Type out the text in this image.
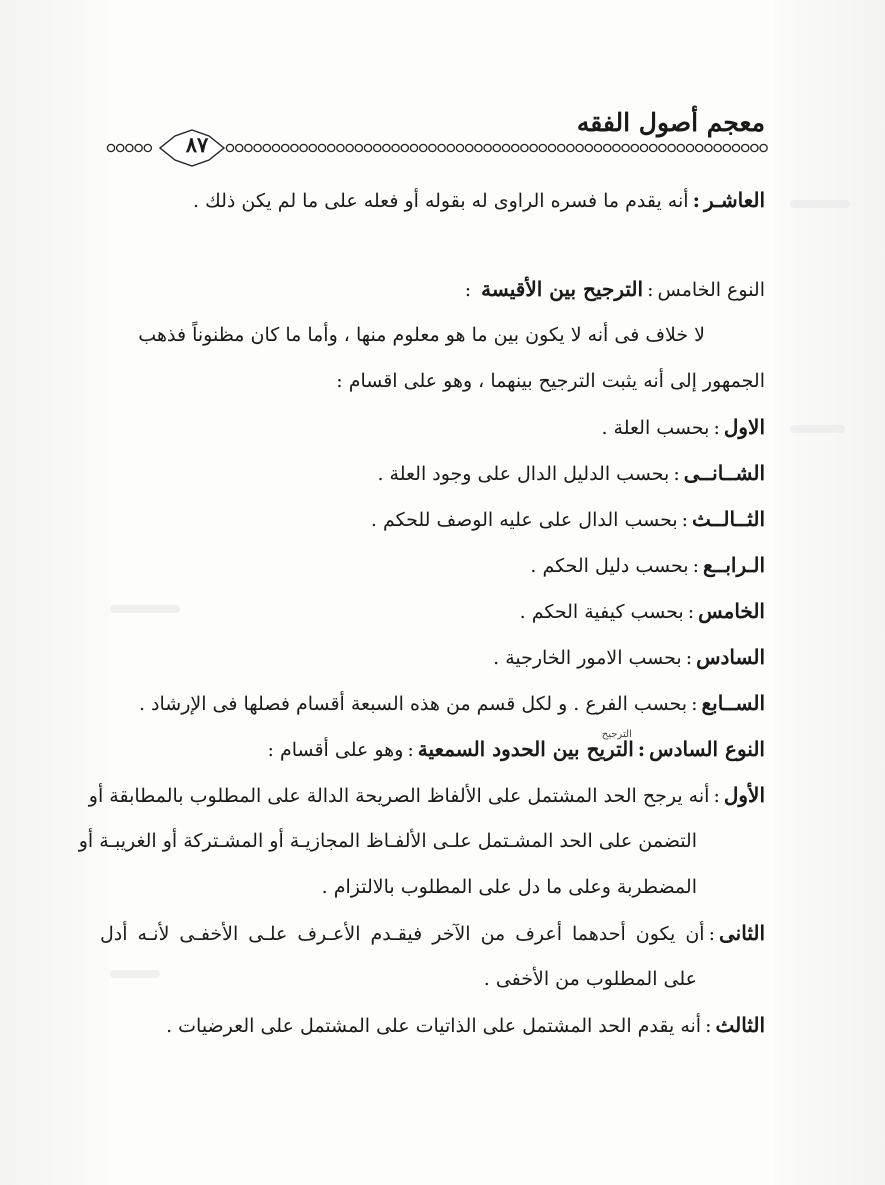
معجم أصول الفقه
٨٧
العاشـر:أنه يقدم ما فسره الراوى له بقوله أو فعله على ما لم يكن ذلك .
النوع الخامس:الترجيح بين الأقيسة :
لا خلاف فى أنه لا يكون بين ما هو معلوم منها ، وأما ما كان مظنوناً فذهب
الجمهور إلى أنه يثبت الترجيح بينهما ، وهو على اقسام :
الاول:بحسب العلة .
الشــانــى:بحسب الدليل الدال على وجود العلة .
الثــالــث:بحسب الدال على عليه الوصف للحكم .
الـرابــع:بحسب دليل الحكم .
الخامس:بحسب كيفية الحكم .
السادس:بحسب الامور الخارجية .
الســابع:بحسب الفرع . و لكل قسم من هذه السبعة أقسام فصلها فى الإرشاد .
النوع السادس:
الترجيح
التريح بين الحدود السمعية:وهو على أقسام :
الأول:أنه يرجح الحد المشتمل على الألفاظ الصريحة الدالة على المطلوب بالمطابقة أو
التضمن على الحد المشـتمل علـى الألفـاظ المجازيـة أو المشـتركة أو الغريبـة أو
المضطربة وعلى ما دل على المطلوب بالالتزام .
الثانى:أن يكون أحدهما أعرف من الآخر فيقـدم الأعـرف علـى الأخفـى لأنـه أدل
على المطلوب من الأخفى .
الثالث:أنه يقدم الحد المشتمل على الذاتيات على المشتمل على العرضيات .
